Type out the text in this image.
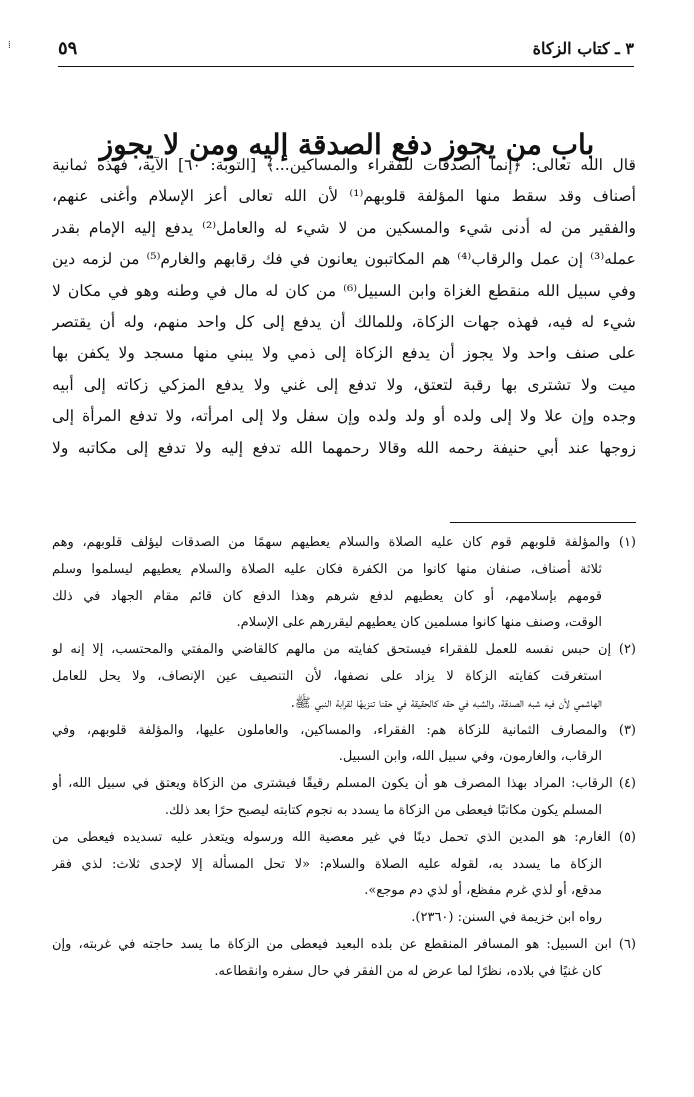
⁞	٣ ـ كتاب الزكاة
٥٩
باب من يجوز دفع الصدقة إليه ومن لا يجوز
قال الله تعالى: ﴿إنما الصدقات للفقراء والمساكين...﴾ [التوبة: ٦٠] الآية، فهذه ثمانية
أصناف وقد سقط منها المؤلفة قلوبهم⁽¹⁾ لأن الله تعالى أعز الإسلام وأغنى عنهم،
والفقير من له أدنى شيء والمسكين من لا شيء له والعامل⁽²⁾ يدفع إليه الإمام بقدر
عمله⁽³⁾ إن عمل والرقاب⁽⁴⁾ هم المكاتبون يعانون في فك رقابهم والغارم⁽⁵⁾ من لزمه دين
وفي سبيل الله منقطع الغزاة وابن السبيل⁽⁶⁾ من كان له مال في وطنه وهو في مكان لا
شيء له فيه، فهذه جهات الزكاة، وللمالك أن يدفع إلى كل واحد منهم، وله أن يقتصر
على صنف واحد ولا يجوز أن يدفع الزكاة إلى ذمي ولا يبني منها مسجد ولا يكفن بها
ميت ولا تشترى بها رقبة لتعتق، ولا تدفع إلى غني ولا يدفع المزكي زكاته إلى أبيه
وجده وإن علا ولا إلى ولده أو ولد ولده وإن سفل ولا إلى امرأته، ولا تدفع المرأة إلى
زوجها عند أبي حنيفة رحمه الله وقالا رحمهما الله تدفع إليه ولا تدفع إلى مكاتبه ولا
(١) والمؤلفة قلوبهم قوم كان عليه الصلاة والسلام يعطيهم سهمًا من الصدقات ليؤلف قلوبهم، وهم
ثلاثة أصناف، صنفان منها كانوا من الكفرة فكان عليه الصلاة والسلام يعطيهم ليسلموا وسلم
قومهم بإسلامهم، أو كان يعطيهم لدفع شرهم وهذا الدفع كان قائم مقام الجهاد في ذلك
الوقت، وصنف منها كانوا مسلمين كان يعطيهم ليقررهم على الإسلام.
(٢) إن حبس نفسه للعمل للفقراء فيستحق كفايته من مالهم كالقاضي والمفتي والمحتسب، إلا إنه لو
استغرقت كفايته الزكاة لا يزاد على نصفها، لأن التنصيف عين الإنصاف، ولا يحل للعامل
الهاشمي لأن فيه شبه الصدقة، والشبه في حقه كالحقيقة في حقنا تنزيهًا لقرابة النبي ﷺ.
(٣) والمصارف الثمانية للزكاة هم: الفقراء، والمساكين، والعاملون عليها، والمؤلفة قلوبهم، وفي
الرقاب، والغارمون، وفي سبيل الله، وابن السبيل.
(٤) الرقاب: المراد بهذا المصرف هو أن يكون المسلم رقيقًا فيشترى من الزكاة ويعتق في سبيل الله، أو
المسلم يكون مكاتبًا فيعطى من الزكاة ما يسدد به نجوم كتابته ليصبح حرًا بعد ذلك.
(٥) الغارم: هو المدين الذي تحمل دينًا في غير معصية الله ورسوله ويتعذر عليه تسديده فيعطى من
الزكاة ما يسدد به، لقوله عليه الصلاة والسلام: «لا تحل المسألة إلا لإحدى ثلاث: لذي فقر
مدقع، أو لذي غرم مفظع، أو لذي دم موجع».
رواه ابن خزيمة في السنن: (٢٣٦٠).
(٦) ابن السبيل: هو المسافر المنقطع عن بلده البعيد فيعطى من الزكاة ما يسد حاجته في غربته، وإن
كان غنيًا في بلاده، نظرًا لما عرض له من الفقر في حال سفره وانقطاعه.
